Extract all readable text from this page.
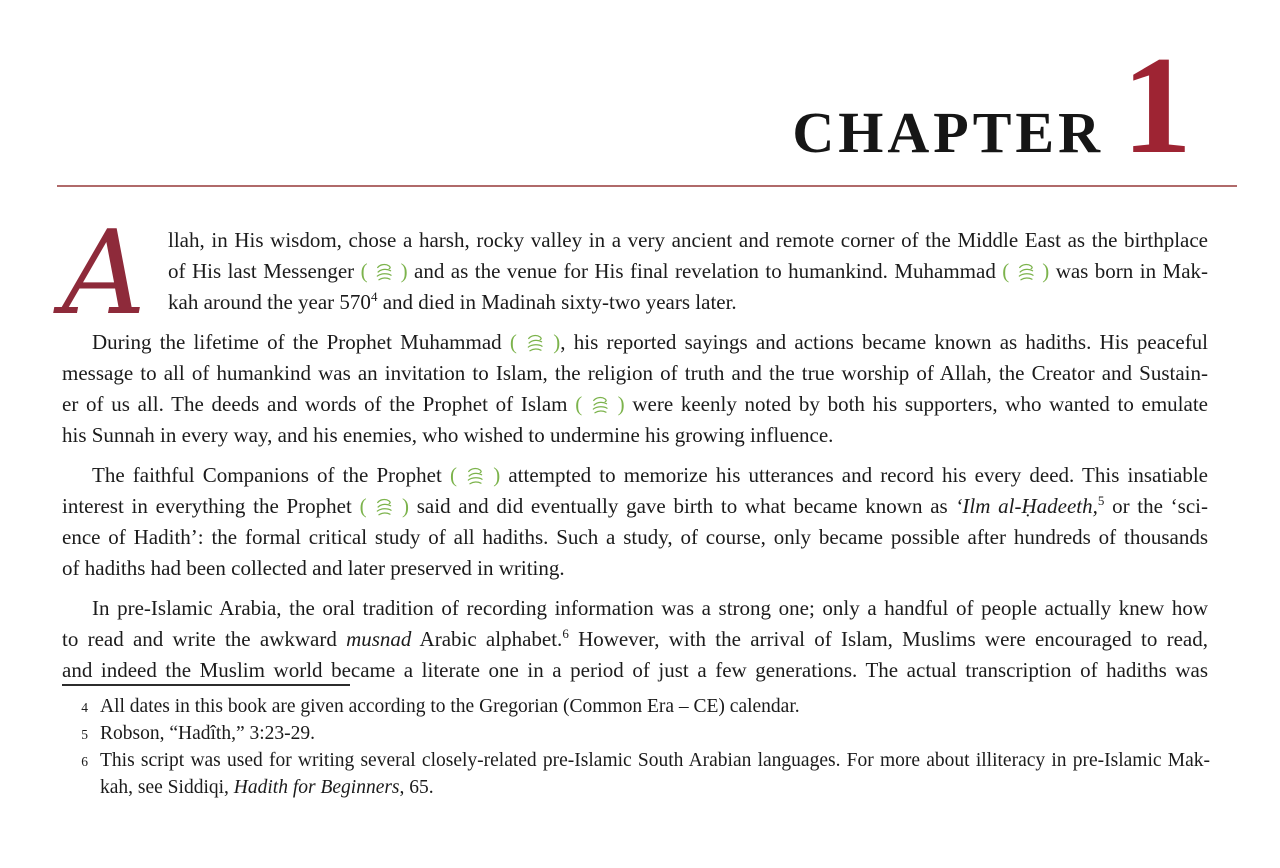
CHAPTER 1
A	llah, in His wisdom, chose a harsh, rocky valley in a very ancient and remote corner of the Middle East as the birthplace
of His last Messenger ( ) and as the venue for His final revelation to humankind. Muhammad ( ) was born in Mak-
kah around the year $570^4$ and died in Madinah sixty-two years later.
During the lifetime of the Prophet Muhammad ( ), his reported sayings and actions became known as hadiths. His peaceful
message to all of humankind was an invitation to Islam, the religion of truth and the true worship of Allah, the Creator and Sustain-
er of us all. The deeds and words of the Prophet of Islam ( ) were keenly noted by both his supporters, who wanted to emulate
his Sunnah in every way, and his enemies, who wished to undermine his growing influence.
The faithful Companions of the Prophet ( ) attempted to memorize his utterances and record his every deed. This insatiable
interest in everything the Prophet ( ) said and did eventually gave birth to what became known as ‘Ilm al-Ḥadeeth,$^5$ or the ‘sci-
ence of Hadith’: the formal critical study of all hadiths. Such a study, of course, only became possible after hundreds of thousands
of hadiths had been collected and later preserved in writing.
In pre-Islamic Arabia, the oral tradition of recording information was a strong one; only a handful of people actually knew how
to read and write the awkward musnad Arabic alphabet.$^6$ However, with the arrival of Islam, Muslims were encouraged to read,
and indeed the Muslim world became a literate one in a period of just a few generations. The actual transcription of hadiths was
4 All dates in this book are given according to the Gregorian (Common Era – CE) calendar.
5 Robson, “Hadîth,” 3:23-29.
6 This script was used for writing several closely-related pre-Islamic South Arabian languages. For more about illiteracy in pre-Islamic Mak-
kah, see Siddiqi, Hadith for Beginners, 65.
